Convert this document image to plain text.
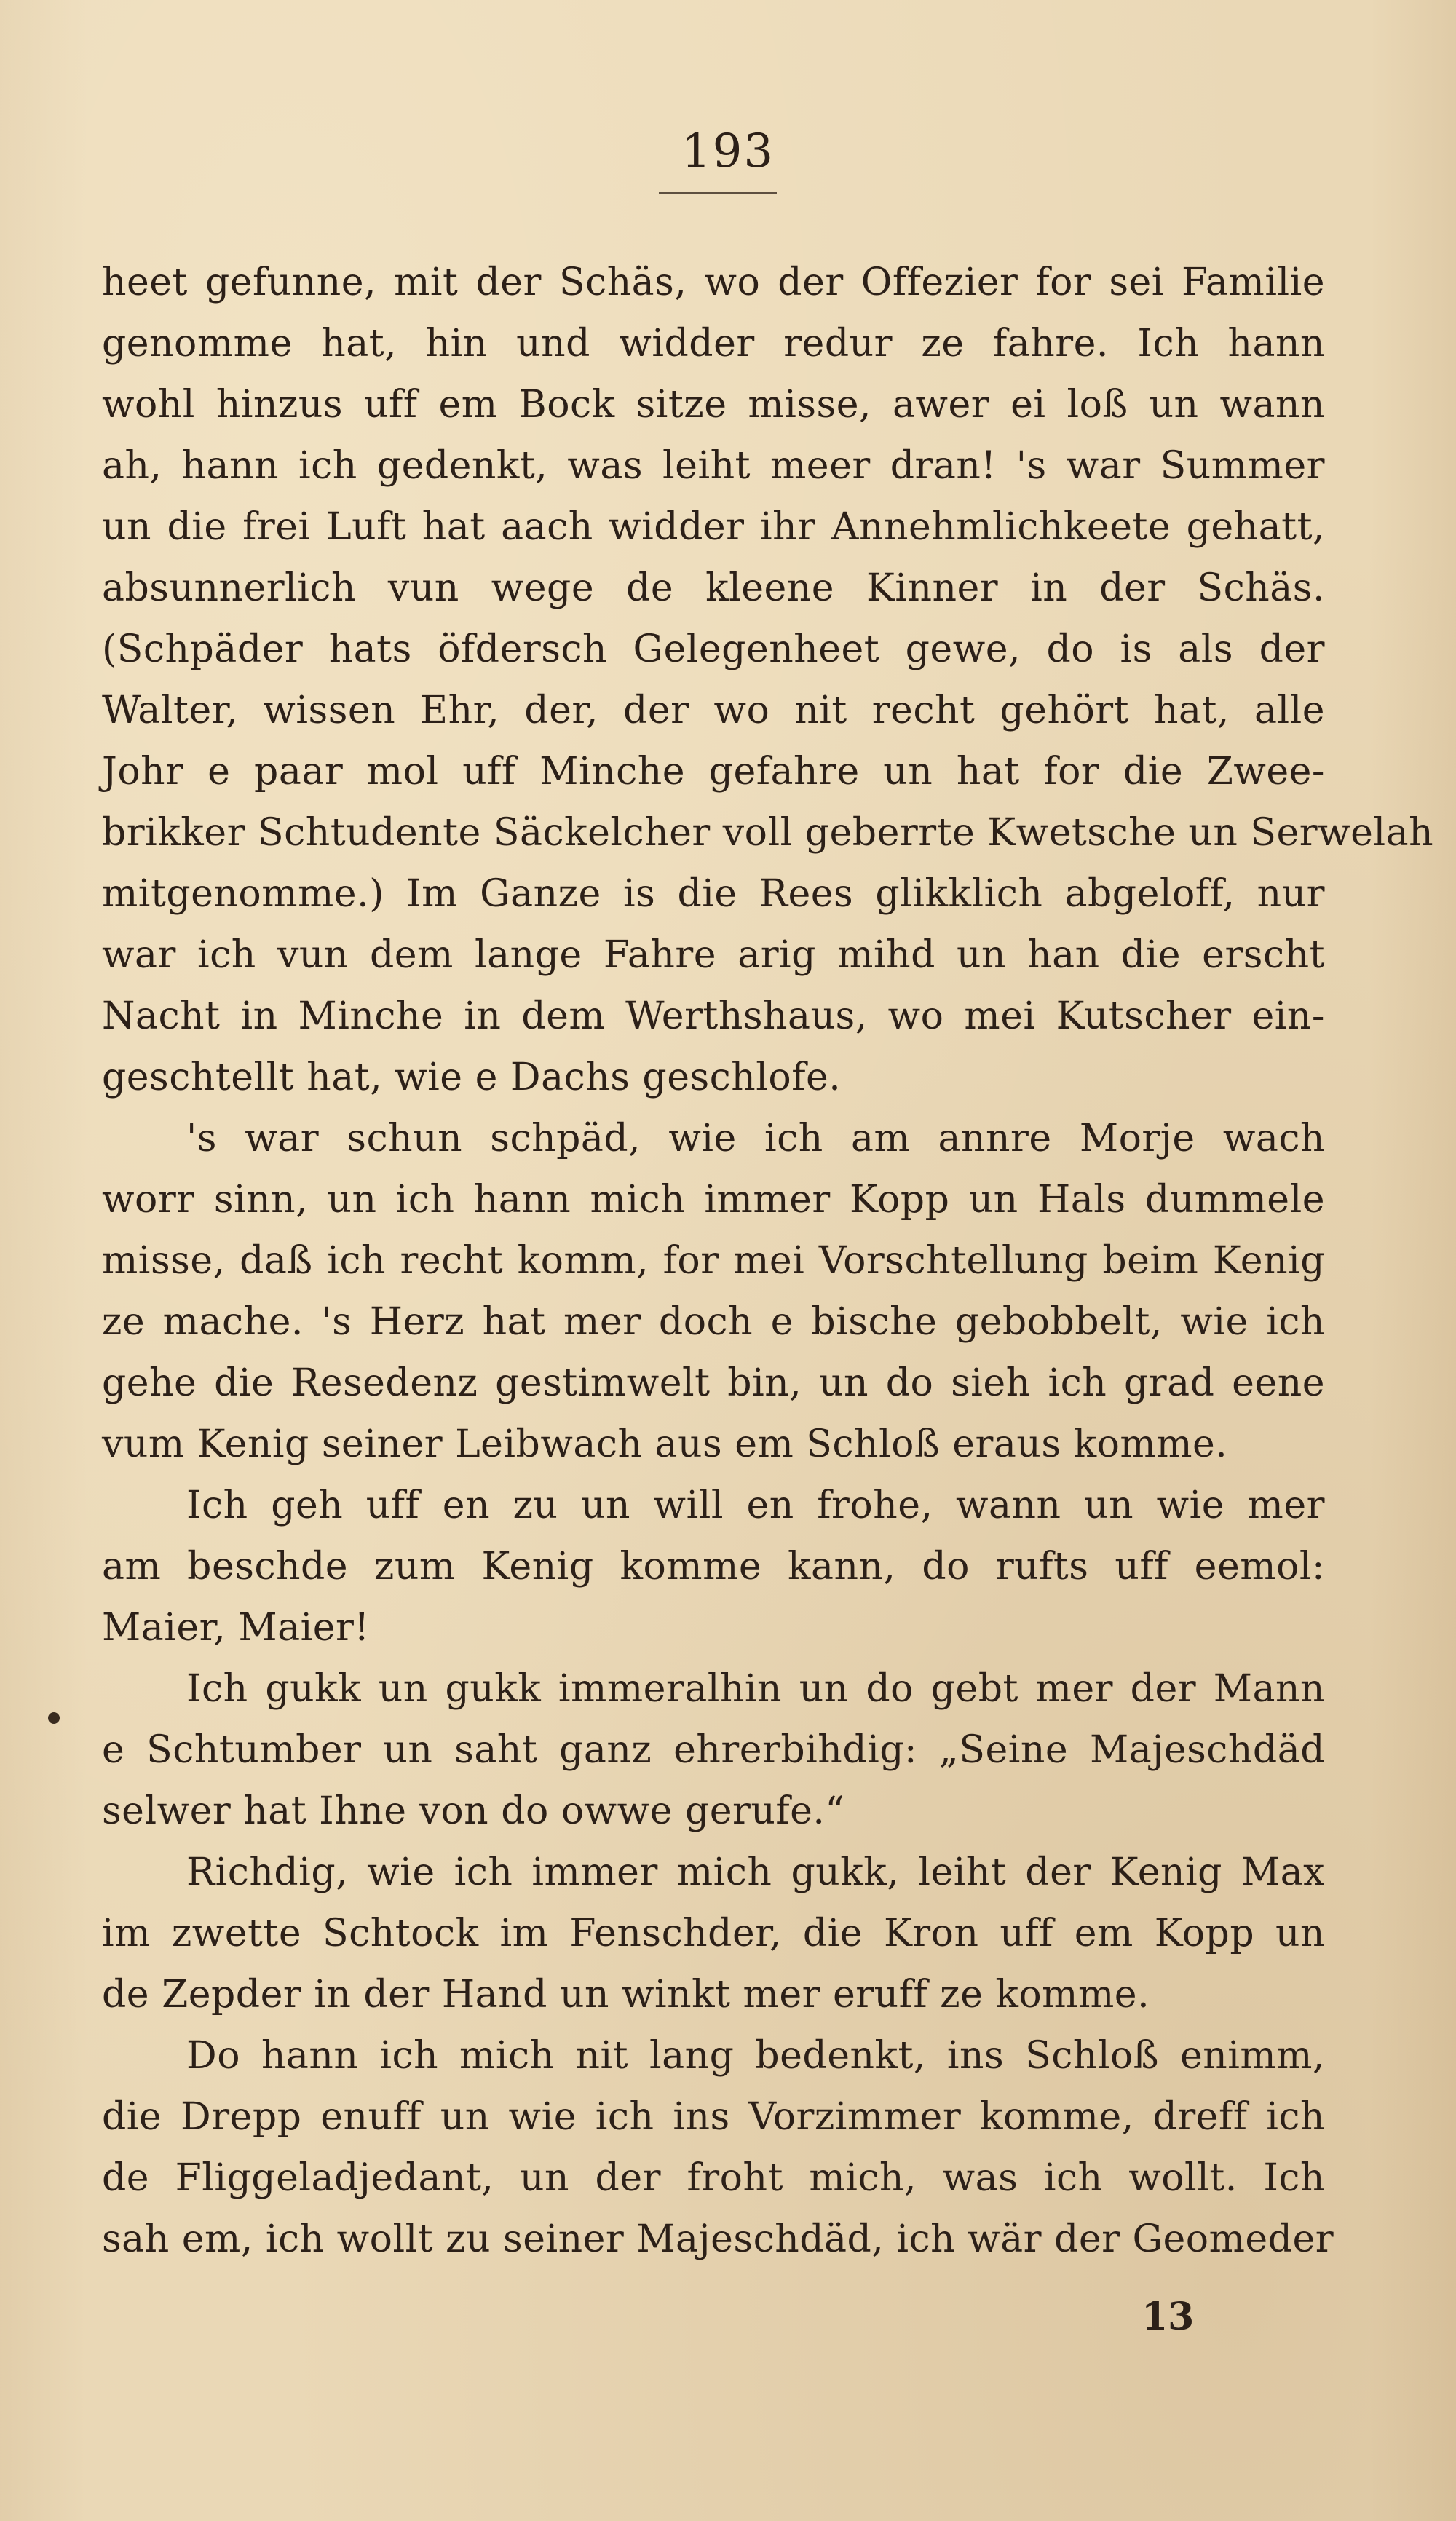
193
heet gefunne, mit der Schäs, wo der Offezier for sei Familie
genomme hat, hin und widder redur ze fahre. Ich hann
wohl hinzus uff em Bock sitze misse, awer ei loß un wann
ah, hann ich gedenkt, was leiht meer dran! 's war Summer
un die frei Luft hat aach widder ihr Annehmlichkeete gehatt,
absunnerlich vun wege de kleene Kinner in der Schäs.
(Schpäder hats öfdersch Gelegenheet gewe, do is als der
Walter, wissen Ehr, der, der wo nit recht gehört hat, alle
Johr e paar mol uff Minche gefahre un hat for die Zwee-
brikker Schtudente Säckelcher voll geberrte Kwetsche un Serwelah
mitgenomme.) Im Ganze is die Rees glikklich abgeloff, nur
war ich vun dem lange Fahre arig mihd un han die erscht
Nacht in Minche in dem Werthshaus, wo mei Kutscher ein-
geschtellt hat, wie e Dachs geschlofe.
's war schun schpäd, wie ich am annre Morje wach
worr sinn, un ich hann mich immer Kopp un Hals dummele
misse, daß ich recht komm, for mei Vorschtellung beim Kenig
ze mache. 's Herz hat mer doch e bische gebobbelt, wie ich
gehe die Resedenz gestimwelt bin, un do sieh ich grad eene
vum Kenig seiner Leibwach aus em Schloß eraus komme.
Ich geh uff en zu un will en frohe, wann un wie mer
am beschde zum Kenig komme kann, do rufts uff eemol:
Maier, Maier!
Ich gukk un gukk immeralhin un do gebt mer der Mann
e Schtumber un saht ganz ehrerbihdig: „Seine Majeschdäd
selwer hat Ihne von do owwe gerufe.“
Richdig, wie ich immer mich gukk, leiht der Kenig Max
im zwette Schtock im Fenschder, die Kron uff em Kopp un
de Zepder in der Hand un winkt mer eruff ze komme.
Do hann ich mich nit lang bedenkt, ins Schloß enimm,
die Drepp enuff un wie ich ins Vorzimmer komme, dreff ich
de Fliggeladjedant, un der froht mich, was ich wollt. Ich
sah em, ich wollt zu seiner Majeschdäd, ich wär der Geomeder
13
